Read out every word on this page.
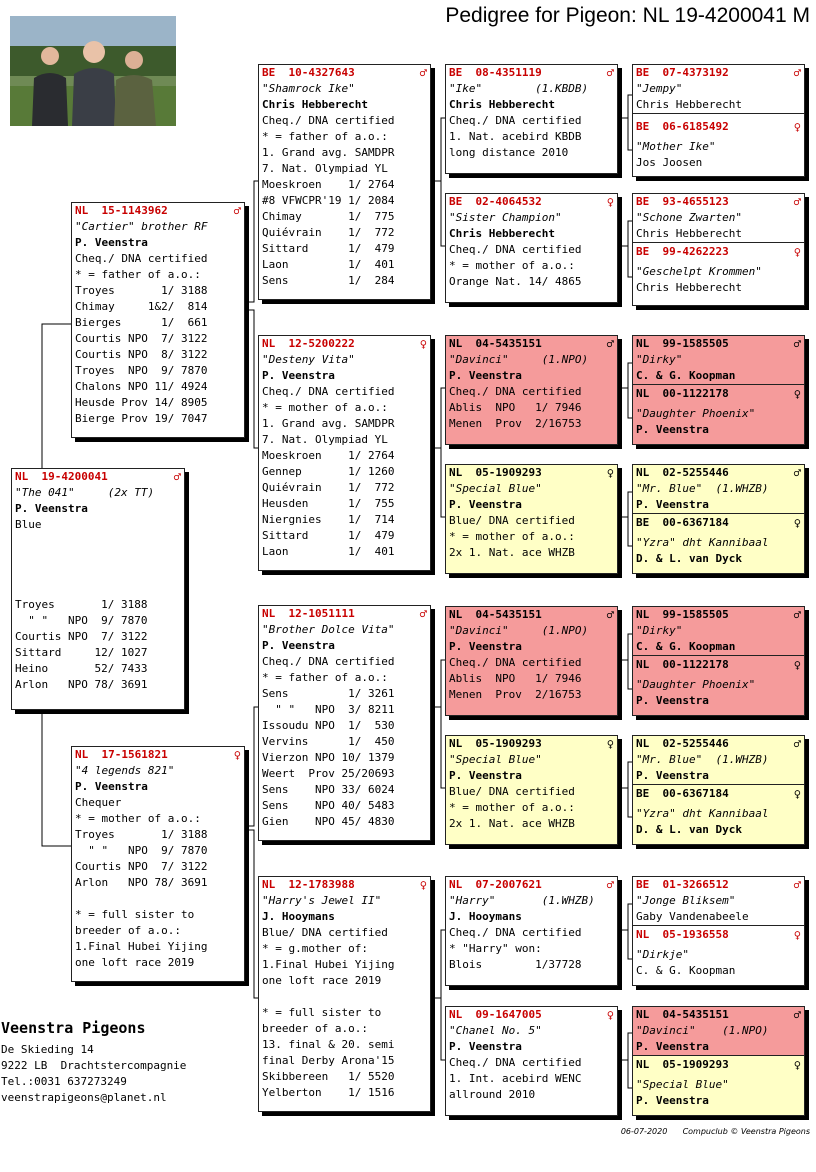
Pedigree for Pigeon: NL 19-4200041 M
NL  19-4200041	♂
"The 041"     (2x TT)
P. Veenstra
Blue

Troyes       1/ 3188
" "   NPO  9/ 7870
Courtis NPO  7/ 3122
Sittard     12/ 1027
Heino       52/ 7433
Arlon   NPO 78/ 3691
NL  15-1143962	♂
"Cartier" brother RF
P. Veenstra
Cheq./ DNA certified
* = father of a.o.:
Troyes       1/ 3188
Chimay     1&2/  814
Bierges      1/  661
Courtis NPO  7/ 3122
Courtis NPO  8/ 3122
Troyes  NPO  9/ 7870
Chalons NPO 11/ 4924
Heusde Prov 14/ 8905
Bierge Prov 19/ 7047
NL  17-1561821	♀
"4 legends 821"
P. Veenstra
Chequer
* = mother of a.o.:
Troyes       1/ 3188
" "   NPO  9/ 7870
Courtis NPO  7/ 3122
Arlon   NPO 78/ 3691

* = full sister to
breeder of a.o.:
1.Final Hubei Yijing
one loft race 2019
BE  10-4327643	♂
"Shamrock Ike"
Chris Hebberecht
Cheq./ DNA certified
* = father of a.o.:
1. Grand avg. SAMDPR
7. Nat. Olympiad YL
Moeskroen    1/ 2764
#8 VFWCPR'19 1/ 2084
Chimay       1/  775
Quiévrain    1/  772
Sittard      1/  479
Laon         1/  401
Sens         1/  284
NL  12-5200222	♀
"Desteny Vita"
P. Veenstra
Cheq./ DNA certified
* = mother of a.o.:
1. Grand avg. SAMDPR
7. Nat. Olympiad YL
Moeskroen    1/ 2764
Gennep       1/ 1260
Quiévrain    1/  772
Heusden      1/  755
Niergnies    1/  714
Sittard      1/  479
Laon         1/  401
NL  12-1051111	♂
"Brother Dolce Vita"
P. Veenstra
Cheq./ DNA certified
* = father of a.o.:
Sens         1/ 3261
" "   NPO  3/ 8211
Issoudu NPO  1/  530
Vervins      1/  450
Vierzon NPO 10/ 1379
Weert  Prov 25/20693
Sens    NPO 33/ 6024
Sens    NPO 40/ 5483
Gien    NPO 45/ 4830
NL  12-1783988	♀
"Harry's Jewel II"
J. Hooymans
Blue/ DNA certified
* = g.mother of:
1.Final Hubei Yijing
one loft race 2019

* = full sister to
breeder of a.o.:
13. final & 20. semi
final Derby Arona'15
Skibbereen   1/ 5520
Yelberton    1/ 1516
BE  08-4351119	♂
"Ike"        (1.KBDB)
Chris Hebberecht
Cheq./ DNA certified
1. Nat. acebird KBDB
long distance 2010
BE  02-4064532	♀
"Sister Champion"
Chris Hebberecht
Cheq./ DNA certified
* = mother of a.o.:
Orange Nat. 14/ 4865
NL  04-5435151	♂
"Davinci"     (1.NPO)
P. Veenstra
Cheq./ DNA certified
Ablis  NPO   1/ 7946
Menen  Prov  2/16753
NL  05-1909293	♀
"Special Blue"
P. Veenstra
Blue/ DNA certified
* = mother of a.o.:
2x 1. Nat. ace WHZB
NL  04-5435151	♂
"Davinci"     (1.NPO)
P. Veenstra
Cheq./ DNA certified
Ablis  NPO   1/ 7946
Menen  Prov  2/16753
NL  05-1909293	♀
"Special Blue"
P. Veenstra
Blue/ DNA certified
* = mother of a.o.:
2x 1. Nat. ace WHZB
NL  07-2007621	♂
"Harry"       (1.WHZB)
J. Hooymans
Cheq./ DNA certified
* "Harry" won:
Blois        1/37728
NL  09-1647005	♀
"Chanel No. 5"
P. Veenstra
Cheq./ DNA certified
1. Int. acebird WENC
allround 2010
BE  07-4373192	♂
"Jempy"
Chris Hebberecht
BE  06-6185492	♀
"Mother Ike"
Jos Joosen
BE  93-4655123	♂
"Schone Zwarten"
Chris Hebberecht
BE  99-4262223	♀
"Geschelpt Krommen"
Chris Hebberecht
NL  99-1585505	♂
"Dirky"
C. & G. Koopman
NL  00-1122178	♀
"Daughter Phoenix"
P. Veenstra
NL  02-5255446	♂
"Mr. Blue"  (1.WHZB)
P. Veenstra
BE  00-6367184	♀
"Yzra" dht Kannibaal
D. & L. van Dyck
NL  99-1585505	♂
"Dirky"
C. & G. Koopman
NL  00-1122178	♀
"Daughter Phoenix"
P. Veenstra
NL  02-5255446	♂
"Mr. Blue"  (1.WHZB)
P. Veenstra
BE  00-6367184	♀
"Yzra" dht Kannibaal
D. & L. van Dyck
BE  01-3266512	♂
"Jonge Bliksem"
Gaby Vandenabeele
NL  05-1936558	♀
"Dirkje"
C. & G. Koopman
NL  04-5435151	♂
"Davinci"    (1.NPO)
P. Veenstra
NL  05-1909293	♀
"Special Blue"
P. Veenstra
Veenstra Pigeons
De Skieding 14
9222 LB  Drachtstercompagnie
Tel.:0031 637273249
veenstrapigeons@planet.nl
06-07-2020 Compuclub © Veenstra Pigeons
